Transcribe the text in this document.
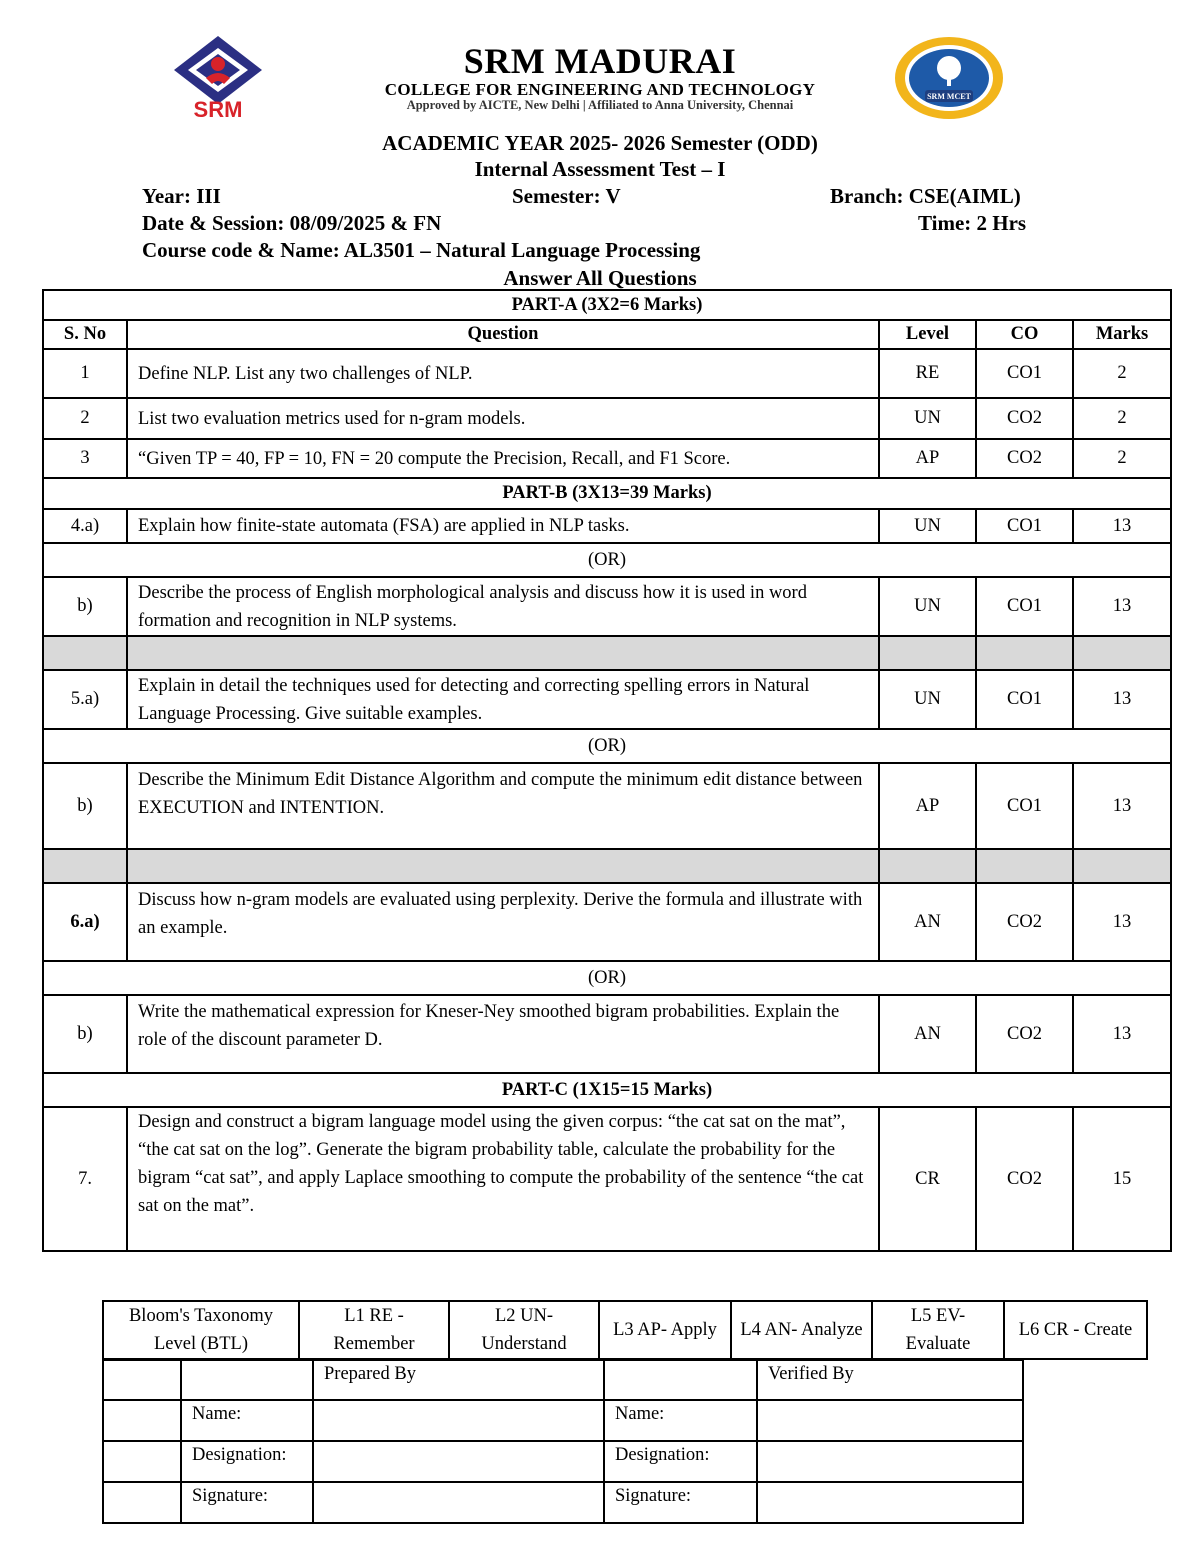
SRM
SRM MADURAI
COLLEGE FOR ENGINEERING AND TECHNOLOGY
Approved by AICTE, New Delhi | Affiliated to Anna University, Chennai
SRM MCET
ACADEMIC YEAR 2025- 2026 Semester (ODD)
Internal Assessment Test – I
Year: III	Semester: V	Branch: CSE(AIML)
Date & Session: 08/09/2025 & FN	Time: 2 Hrs
Course code & Name: AL3501 – Natural Language Processing
Answer All Questions
PART-A (3X2=6 Marks)				
S. No	Question	Level	CO	Marks
1	Define NLP. List any two challenges of NLP.	RE	CO1	2
2	List two evaluation metrics used for n-gram models.	UN	CO2	2
3	“Given TP = 40, FP = 10, FN = 20 compute the Precision, Recall, and F1 Score.	AP	CO2	2
PART-B (3X13=39 Marks)				
4.a)	Explain how finite-state automata (FSA) are applied in NLP tasks.	UN	CO1	13
(OR)				
b)	Describe the process of English morphological analysis and discuss how it is used in word formation and recognition in NLP systems.	UN	CO1	13

5.a)	Explain in detail the techniques used for detecting and correcting spelling errors in Natural Language Processing. Give suitable examples.	UN	CO1	13
(OR)				
b)	Describe the Minimum Edit Distance Algorithm and compute the minimum edit distance between EXECUTION and INTENTION.	AP	CO1	13

6.a)	Discuss how n-gram models are evaluated using perplexity. Derive the formula and illustrate with an example.	AN	CO2	13
(OR)				
b)	Write the mathematical expression for Kneser-Ney smoothed bigram probabilities. Explain the role of the discount parameter D.	AN	CO2	13
PART-C (1X15=15 Marks)				
7.	Design and construct a bigram language model using the given corpus: “the cat sat on the mat”, “the cat sat on the log”. Generate the bigram probability table, calculate the probability for the bigram “cat sat”, and apply Laplace smoothing to compute the probability of the sentence “the cat sat on the mat”.	CR	CO2	15
Bloom's Taxonomy Level (BTL)	L1 RE - Remember	L2 UN- Understand	L3 AP- Apply	L4 AN- Analyze	L5 EV- Evaluate	L6 CR - Create
		Prepared By		Verified By
	Name:		Name:	
	Designation:		Designation:	
	Signature:		Signature:	
